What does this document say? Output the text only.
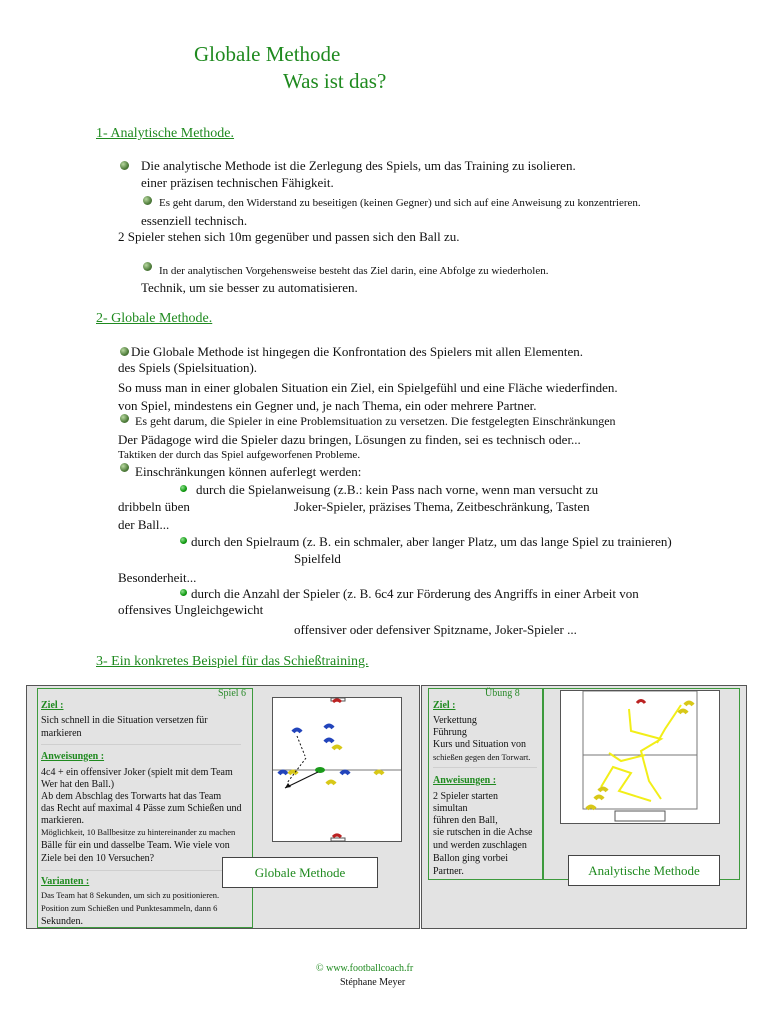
Globale Methode
Was ist das?
1- Analytische Methode.
Die analytische Methode ist die Zerlegung des Spiels, um das Training zu isolieren.
einer präzisen technischen Fähigkeit.
Es geht darum, den Widerstand zu beseitigen (keinen Gegner) und sich auf eine Anweisung zu konzentrieren.
essenziell technisch.
2 Spieler stehen sich 10m gegenüber und passen sich den Ball zu.
In der analytischen Vorgehensweise besteht das Ziel darin, eine Abfolge zu wiederholen.
Technik, um sie besser zu automatisieren.
2- Globale Methode.
Die Globale Methode ist hingegen die Konfrontation des Spielers mit allen Elementen.
des Spiels (Spielsituation).
So muss man in einer globalen Situation ein Ziel, ein Spielgefühl und eine Fläche wiederfinden.
von Spiel, mindestens ein Gegner und, je nach Thema, ein oder mehrere Partner.
Es geht darum, die Spieler in eine Problemsituation zu versetzen. Die festgelegten Einschränkungen
Der Pädagoge wird die Spieler dazu bringen, Lösungen zu finden, sei es technisch oder...
Taktiken der durch das Spiel aufgeworfenen Probleme.
Einschränkungen können auferlegt werden:
durch die Spielanweisung (z.B.: kein Pass nach vorne, wenn man versucht zu
dribbeln üben	Joker-Spieler, präzises Thema, Zeitbeschränkung, Tasten
der Ball...
durch den Spielraum (z. B. ein schmaler, aber langer Platz, um das lange Spiel zu trainieren)
Spielfeld
Besonderheit...
durch die Anzahl der Spieler (z. B. 6c4 zur Förderung des Angriffs in einer Arbeit von
offensives Ungleichgewicht
offensiver oder defensiver Spitzname, Joker-Spieler ...
3- Ein konkretes Beispiel für das Schießtraining.
Spiel 6
Ziel :
Sich schnell in die Situation versetzen für
markieren
Anweisungen :
4c4 + ein offensiver Joker (spielt mit dem Team
Wer hat den Ball.)
Ab dem Abschlag des Torwarts hat das Team
das Recht auf maximal 4 Pässe zum Schießen und
markieren.
Möglichkeit, 10 Ballbesitze zu hintereinander zu machen
Bälle für ein und dasselbe Team. Wie viele von
Ziele bei den 10 Versuchen?
Varianten :
Das Team hat 8 Sekunden, um sich zu positionieren.
Position zum Schießen und Punktesammeln, dann 6
Sekunden.
Globale Methode
Übung 8
Ziel :
Verkettung
Führung
Kurs und Situation von
schießen gegen den Torwart.
Anweisungen :
2 Spieler starten
simultan
führen den Ball,
sie rutschen in die Achse
und werden zuschlagen
Ballon ging vorbei
Partner.	Analytische Methode
© www.footballcoach.fr
Stéphane Meyer
